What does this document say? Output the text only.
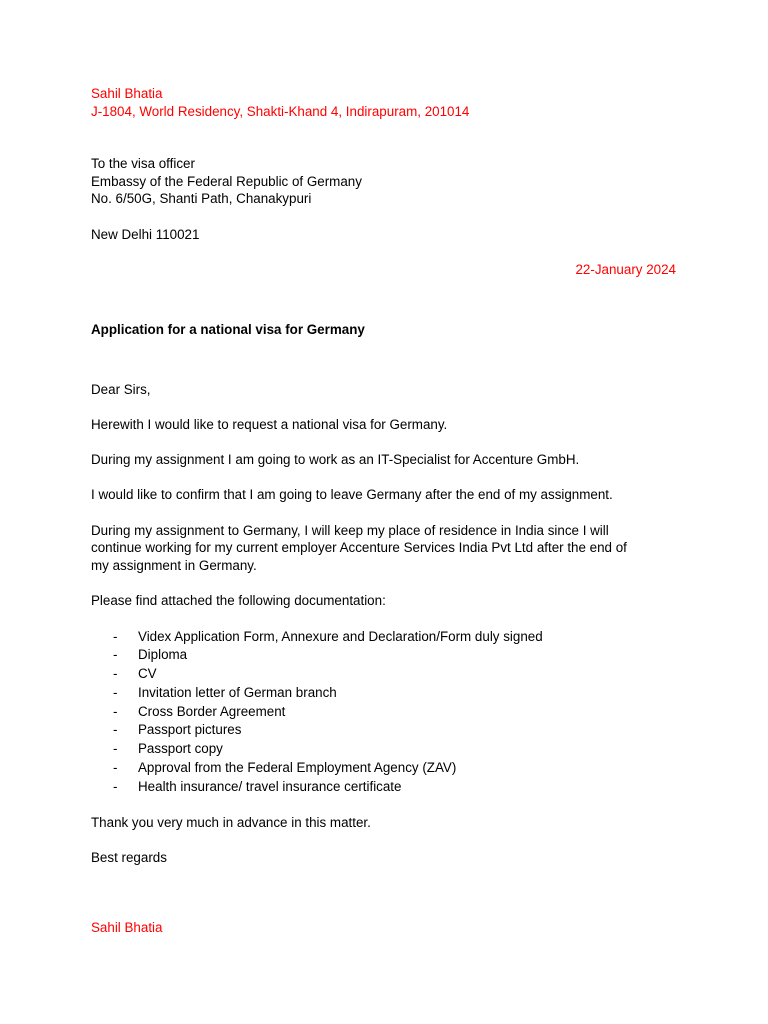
Sahil Bhatia
J-1804, World Residency, Shakti-Khand 4, Indirapuram, 201014
To the visa officer
Embassy of the Federal Republic of Germany
No. 6/50G, Shanti Path, Chanakypuri
New Delhi 110021
22-January 2024
Application for a national visa for Germany
Dear Sirs,
Herewith I would like to request a national visa for Germany.
During my assignment I am going to work as an IT-Specialist for Accenture GmbH.
I would like to confirm that I am going to leave Germany after the end of my assignment.
During my assignment to Germany, I will keep my place of residence in India since I will
continue working for my current employer Accenture Services India Pvt Ltd after the end of
my assignment in Germany.
Please find attached the following documentation:
- Videx Application Form, Annexure and Declaration/Form duly signed
- Diploma
- CV
- Invitation letter of German branch
- Cross Border Agreement
- Passport pictures
- Passport copy
- Approval from the Federal Employment Agency (ZAV)
- Health insurance/ travel insurance certificate
Thank you very much in advance in this matter.
Best regards
Sahil Bhatia
